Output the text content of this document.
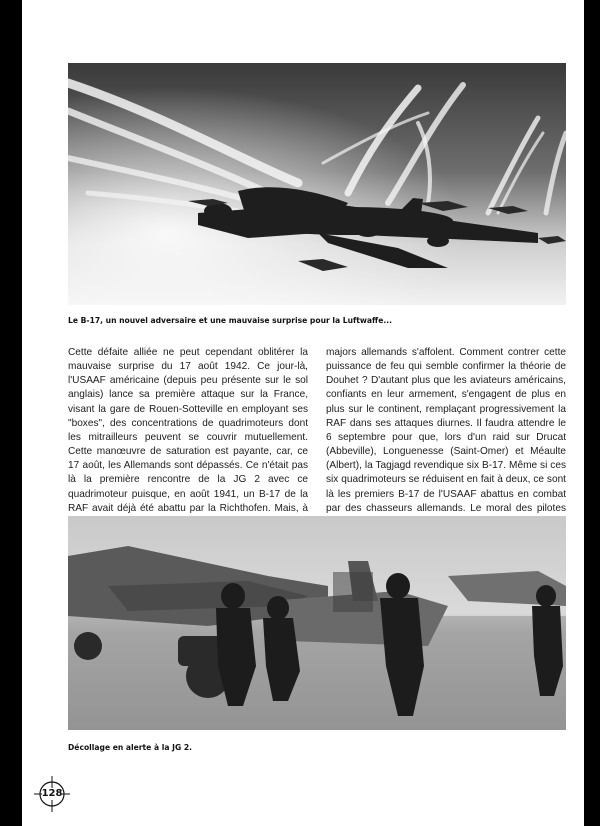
Le B-17, un nouvel adversaire et une mauvaise surprise pour la Luftwaffe...

Cette défaite alliée ne peut cependant oblitérer la mauvaise surprise du 17 août 1942. Ce jour-là, l'USAAF américaine (depuis peu présente sur le sol anglais) lance sa première attaque sur la France, visant la gare de Rouen-Sotteville en employant ses "boxes", des concentrations de quadrimoteurs dont les mitrailleurs peuvent se couvrir mutuellement. Cette manœuvre de saturation est payante, car, ce 17 août, les Allemands sont dépassés. Ce n'était pas là la première rencontre de la JG 2 avec ce quadrimoteur puisque, en août 1941, un B-17 de la RAF avait déjà été abattu par la Richthofen. Mais, à

majors allemands s'affolent. Comment contrer cette puissance de feu qui semble confirmer la théorie de Douhet ? D'autant plus que les aviateurs américains, confiants en leur armement, s'engagent de plus en plus sur le continent, remplaçant progressivement la RAF dans ses attaques diurnes. Il faudra attendre le 6 septembre pour que, lors d'un raid sur Drucat (Abbeville), Longuenesse (Saint-Omer) et Méaulte (Albert), la Tagjagd revendique six B-17. Même si ces six quadrimoteurs se réduisent en fait à deux, ce sont là les premiers B-17 de l'USAAF abattus en combat par des chasseurs allemands. Le moral des pilotes

Décollage en alerte à la JG 2.

128
